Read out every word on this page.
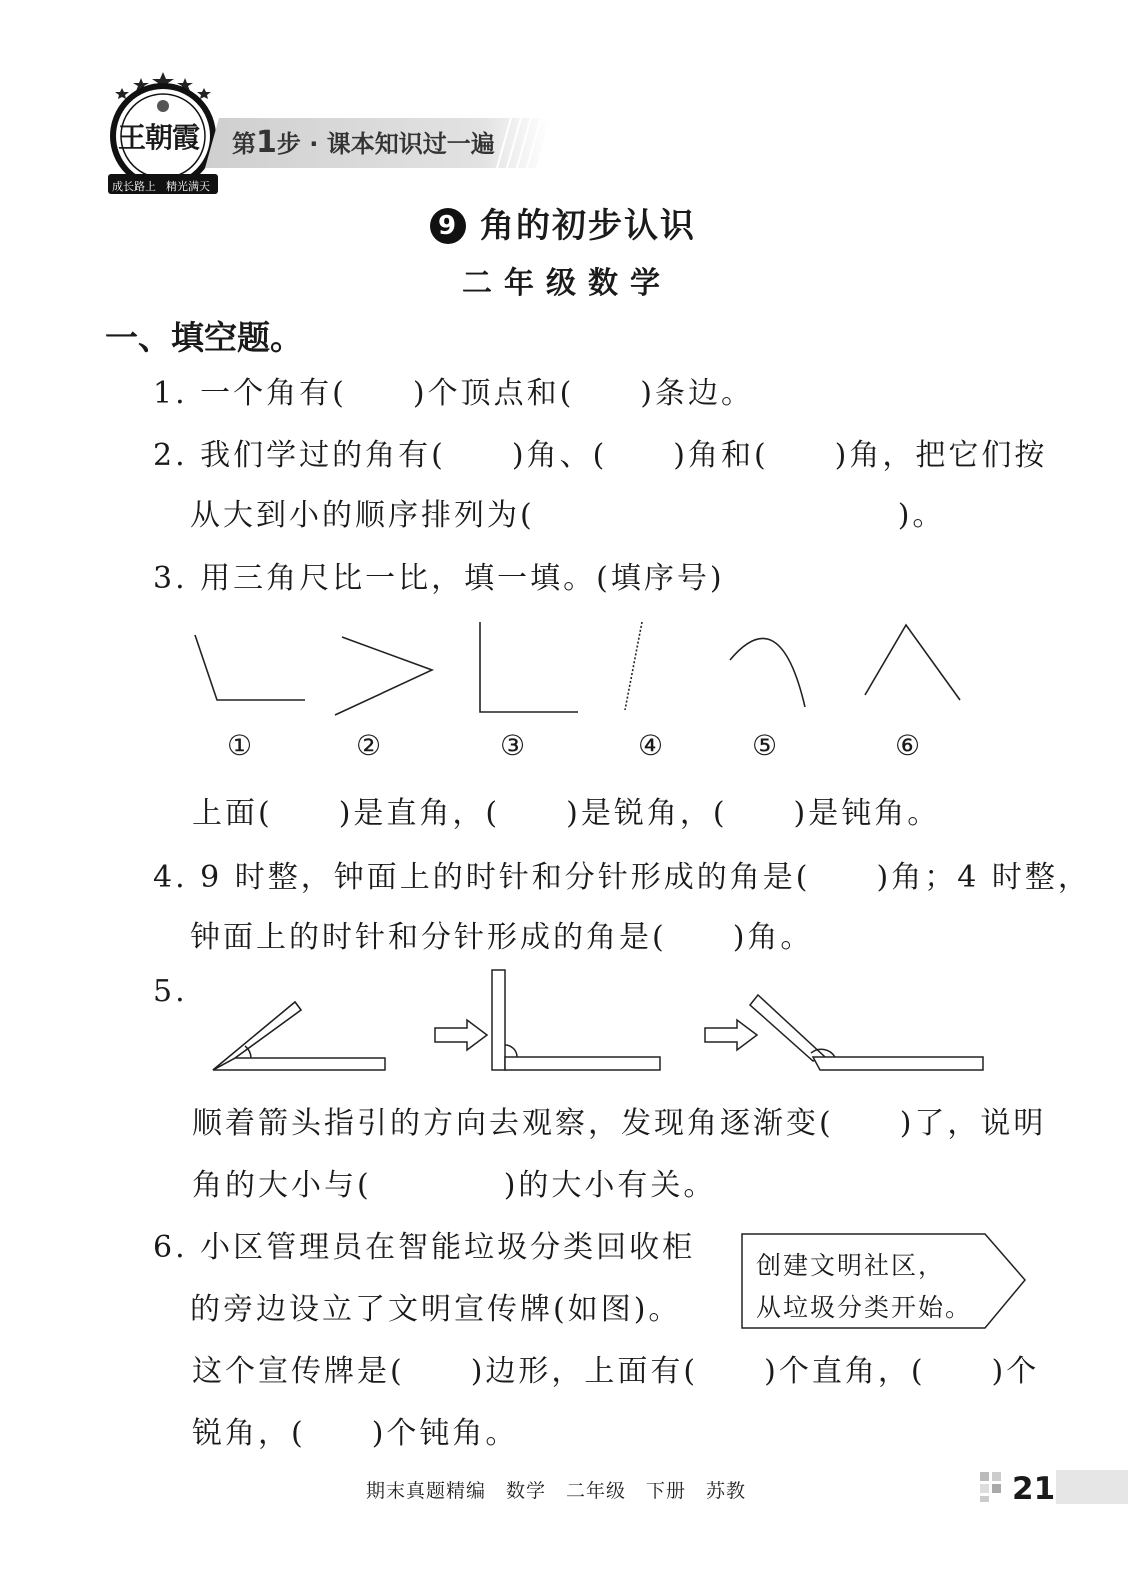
王朝霞
成长路上 精光满天
第1步 · 课本知识过一遍
9 角的初步认识
二年级数学
一、填空题。
1. 一个角有(　　)个顶点和(　　)条边。
2. 我们学过的角有(　　)角、(　　)角和(　　)角，把它们按
从大到小的顺序排列为(　　　　　　　　　　　)。
3. 用三角尺比一比，填一填。(填序号)
①	②	③	④	⑤	⑥
上面(　　)是直角，(　　)是锐角，(　　)是钝角。
4. 9 时整，钟面上的时针和分针形成的角是(　　)角；4 时整，
钟面上的时针和分针形成的角是(　　)角。
5.
顺着箭头指引的方向去观察，发现角逐渐变(　　)了，说明
角的大小与(　　　　)的大小有关。
6. 小区管理员在智能垃圾分类回收柜
的旁边设立了文明宣传牌(如图)。
创建文明社区，
从垃圾分类开始。
这个宣传牌是(　　)边形，上面有(　　)个直角，(　　)个
锐角，(　　)个钝角。
期末真题精编　数学　二年级　下册　苏教	21
